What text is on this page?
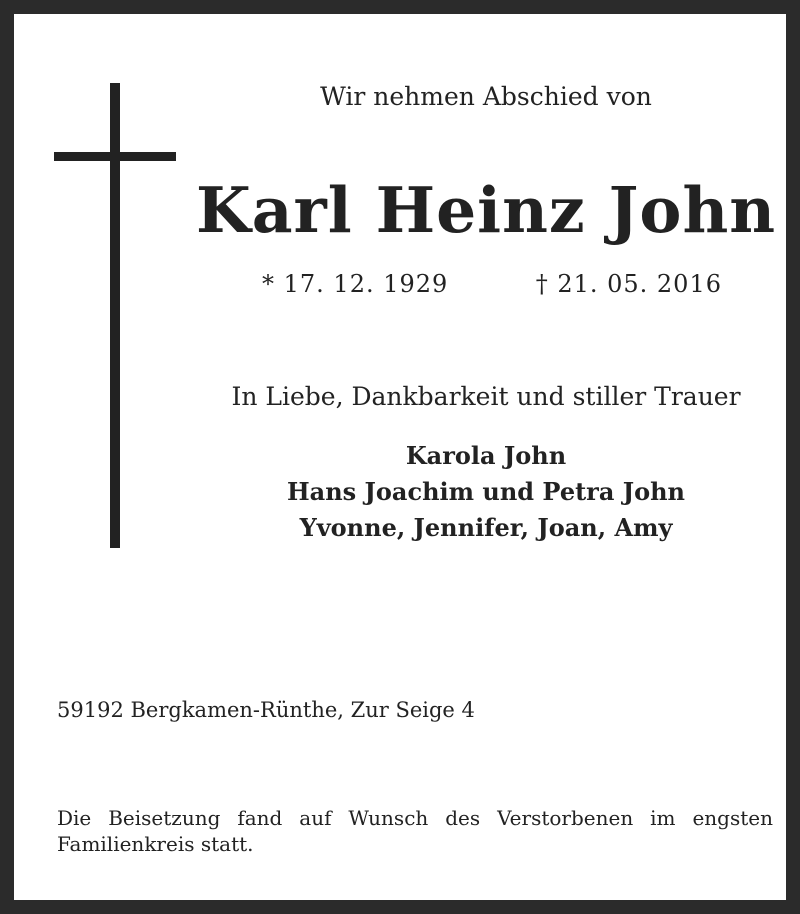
Wir nehmen Abschied von
Karl Heinz John
* 17. 12. 1929	† 21. 05. 2016
In Liebe, Dankbarkeit und stiller Trauer
Karola John
Hans Joachim und Petra John
Yvonne, Jennifer, Joan, Amy
59192 Bergkamen-Rünthe, Zur Seige 4
Die Beisetzung fand auf Wunsch des Verstorbenen im engsten
Familienkreis statt.
